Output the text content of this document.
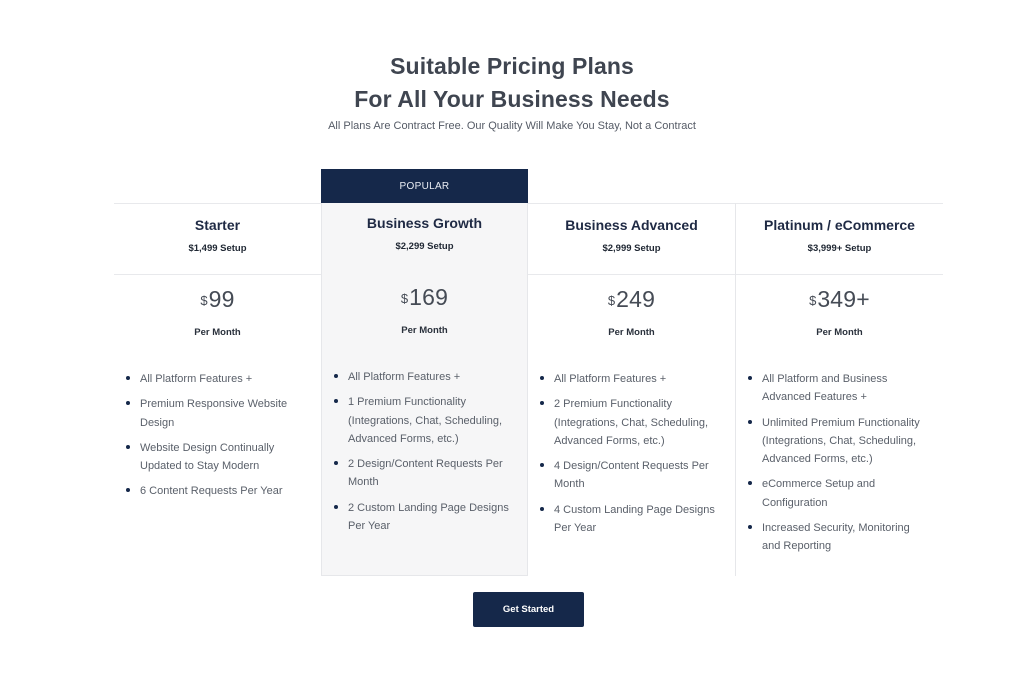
Suitable Pricing Plans
For All Your Business Needs
All Plans Are Contract Free. Our Quality Will Make You Stay, Not a Contract
POPULAR
Starter
$1,499 Setup
$99
Per Month
All Platform Features +
Premium Responsive Website Design
Website Design Continually Updated to Stay Modern
6 Content Requests Per Year
Business Growth
$2,299 Setup
$169
Per Month
All Platform Features +
1 Premium Functionality (Integrations, Chat, Scheduling, Advanced Forms, etc.)
2 Design/Content Requests Per Month
2 Custom Landing Page Designs Per Year
Business Advanced
$2,999 Setup
$249
Per Month
All Platform Features +
2 Premium Functionality (Integrations, Chat, Scheduling, Advanced Forms, etc.)
4 Design/Content Requests Per Month
4 Custom Landing Page Designs Per Year
Platinum / eCommerce
$3,999+ Setup
$349+
Per Month
All Platform and Business Advanced Features +
Unlimited Premium Functionality (Integrations, Chat, Scheduling, Advanced Forms, etc.)
eCommerce Setup and Configuration
Increased Security, Monitoring and Reporting
Get Started
